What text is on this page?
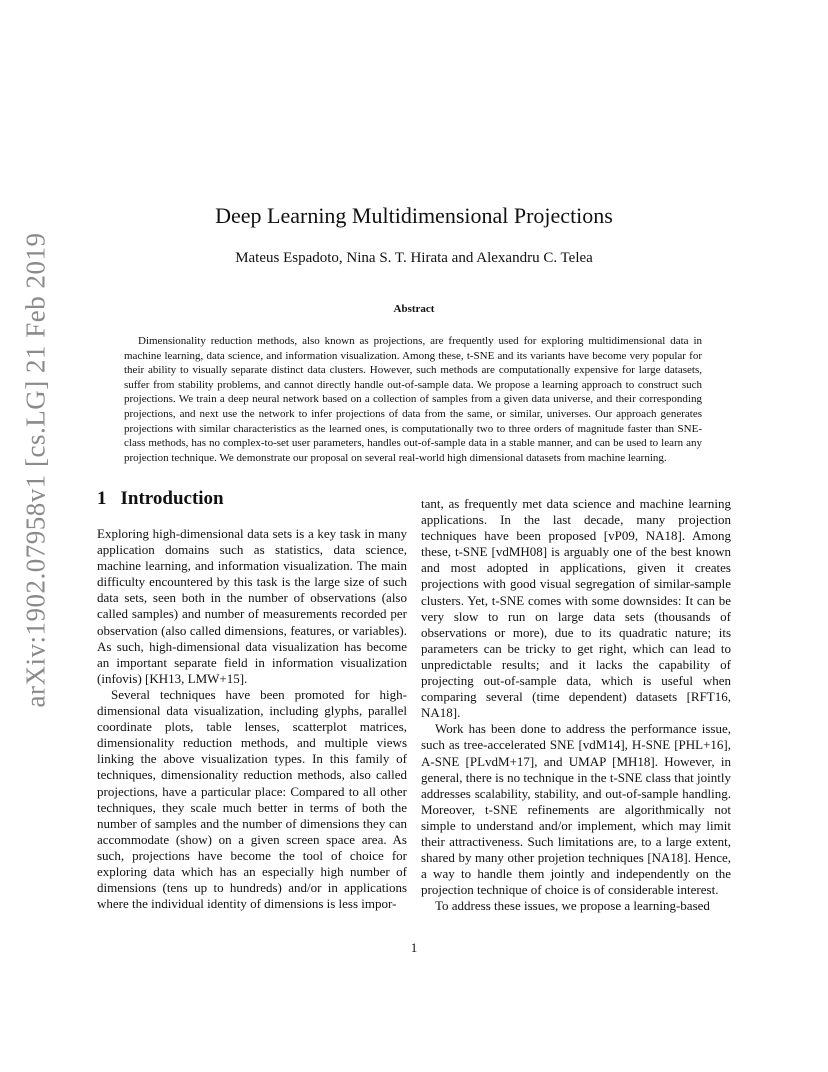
arXiv:1902.07958v1 [cs.LG] 21 Feb 2019
Deep Learning Multidimensional Projections
Mateus Espadoto, Nina S. T. Hirata and Alexandru C. Telea
Abstract

Dimensionality reduction methods, also known as projections, are frequently used for exploring multidimensional data in machine learning, data science, and information visualization. Among these, t-SNE and its variants have become very popular for their ability to visually separate distinct data clusters. However, such methods are computationally expensive for large datasets, suffer from stability problems, and cannot directly handle out-of-sample data. We propose a learning approach to construct such projections. We train a deep neural network based on a collection of samples from a given data universe, and their corresponding projections, and next use the network to infer projections of data from the same, or similar, universes. Our approach generates projections with similar characteristics as the learned ones, is computationally two to three orders of magnitude faster than SNE-class methods, has no complex-to-set user parameters, handles out-of-sample data in a stable manner, and can be used to learn any projection technique. We demonstrate our proposal on several real-world high dimensional datasets from machine learning.

1 Introduction

Exploring high-dimensional data sets is a key task in many application domains such as statistics, data science, machine learning, and information visualization. The main difficulty encountered by this task is the large size of such data sets, seen both in the number of observations (also called samples) and number of measurements recorded per observation (also called dimensions, features, or variables). As such, high-dimensional data visualization has become an important separate field in information visualization (infovis) [KH13, LMW+15].

Several techniques have been promoted for high-dimensional data visualization, including glyphs, parallel coordinate plots, table lenses, scatterplot matrices, dimensionality reduction methods, and multiple views linking the above visualization types. In this family of techniques, dimensionality reduction methods, also called projections, have a particular place: Compared to all other techniques, they scale much better in terms of both the number of samples and the number of dimensions they can accommodate (show) on a given screen space area. As such, projections have become the tool of choice for exploring data which has an especially high number of dimensions (tens up to hundreds) and/or in applications where the individual identity of dimensions is less impor-

tant, as frequently met data science and machine learning applications. In the last decade, many projection techniques have been proposed [vP09, NA18]. Among these, t-SNE [vdMH08] is arguably one of the best known and most adopted in applications, given it creates projections with good visual segregation of similar-sample clusters. Yet, t-SNE comes with some downsides: It can be very slow to run on large data sets (thousands of observations or more), due to its quadratic nature; its parameters can be tricky to get right, which can lead to unpredictable results; and it lacks the capability of projecting out-of-sample data, which is useful when comparing several (time dependent) datasets [RFT16, NA18].

Work has been done to address the performance issue, such as tree-accelerated SNE [vdM14], H-SNE [PHL+16], A-SNE [PLvdM+17], and UMAP [MH18]. However, in general, there is no technique in the t-SNE class that jointly addresses scalability, stability, and out-of-sample handling. Moreover, t-SNE refinements are algorithmically not simple to understand and/or implement, which may limit their attractiveness. Such limitations are, to a large extent, shared by many other projetion techniques [NA18]. Hence, a way to handle them jointly and independently on the projection technique of choice is of considerable interest.

To address these issues, we propose a learning-based

1
